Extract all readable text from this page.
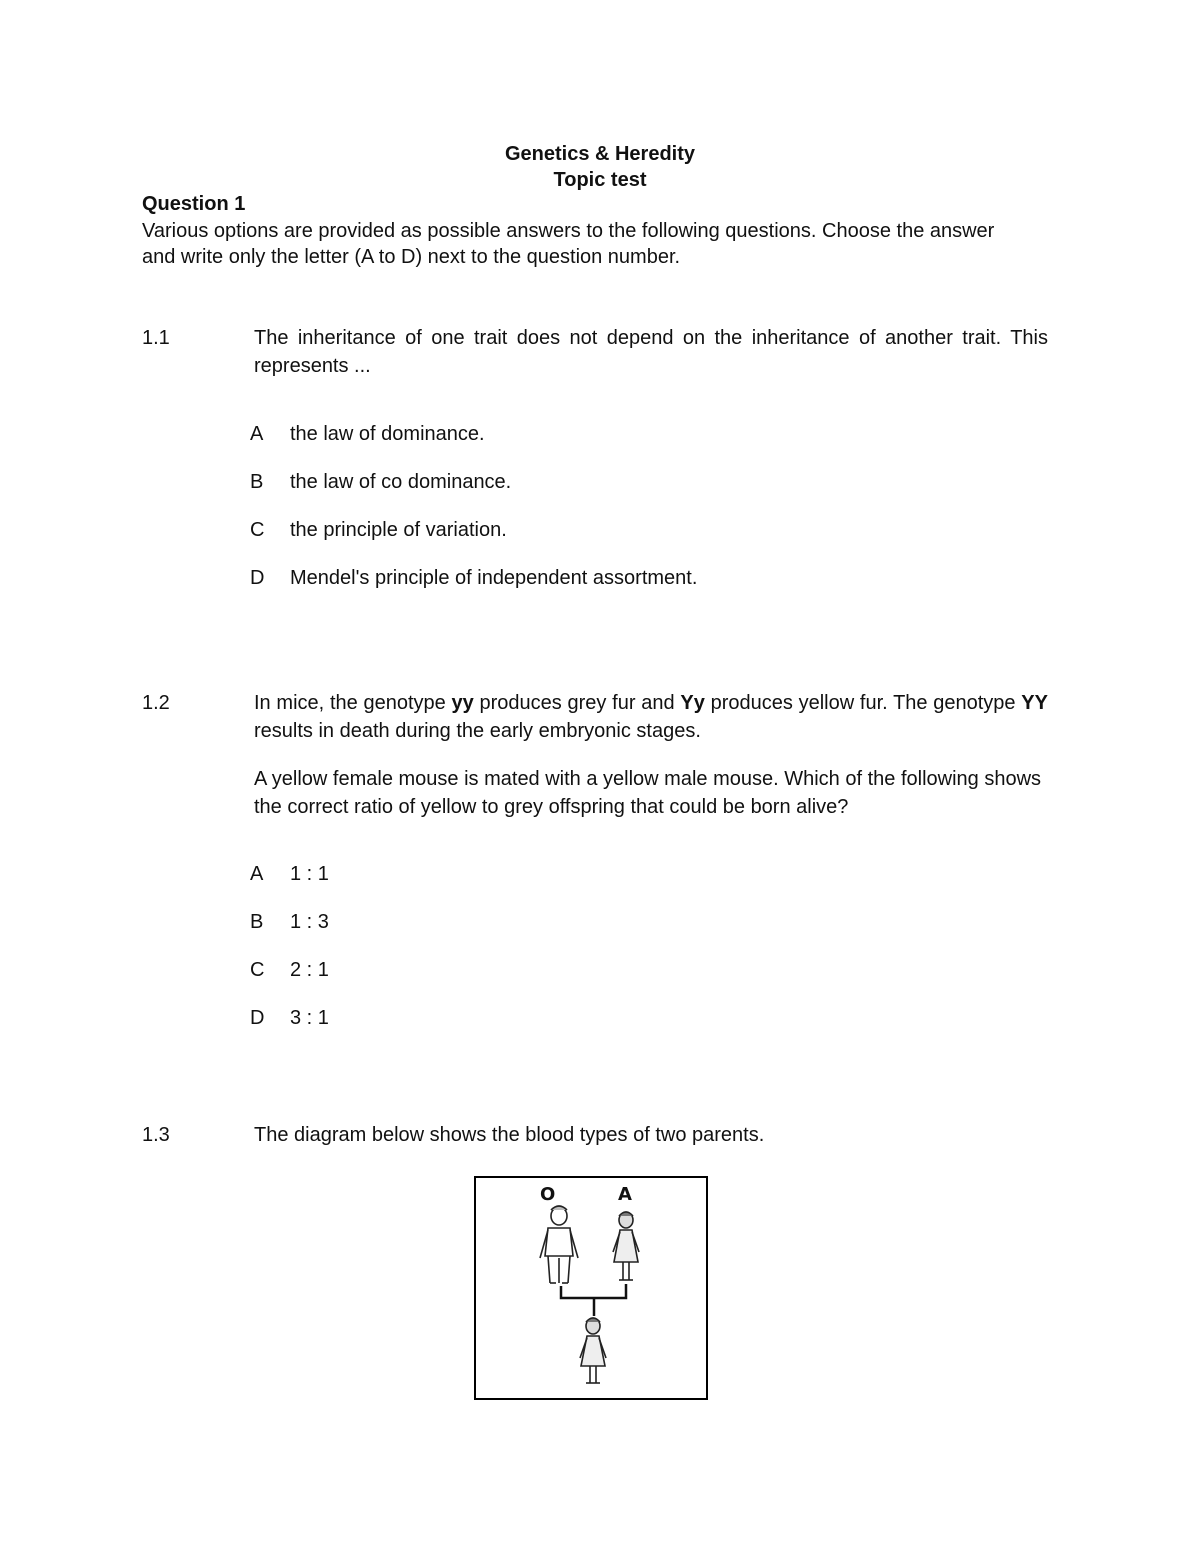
Genetics & Heredity
Topic test
Question 1
Various options are provided as possible answers to the following questions. Choose the answer and write only the letter (A to D) next to the question number.
1.1	The inheritance of one trait does not depend on the inheritance of another trait. This represents ...
A	the law of dominance.
B	the law of co dominance.
C	the principle of variation.
D	Mendel's principle of independent assortment.
1.2	In mice, the genotype yy produces grey fur and Yy produces yellow fur. The genotype YY results in death during the early embryonic stages.
A yellow female mouse is mated with a yellow male mouse. Which of the following shows the correct ratio of yellow to grey offspring that could be born alive?
A	1 : 1
B	1 : 3
C	2 : 1
D	3 : 1
1.3	The diagram below shows the blood types of two parents.
O	A
